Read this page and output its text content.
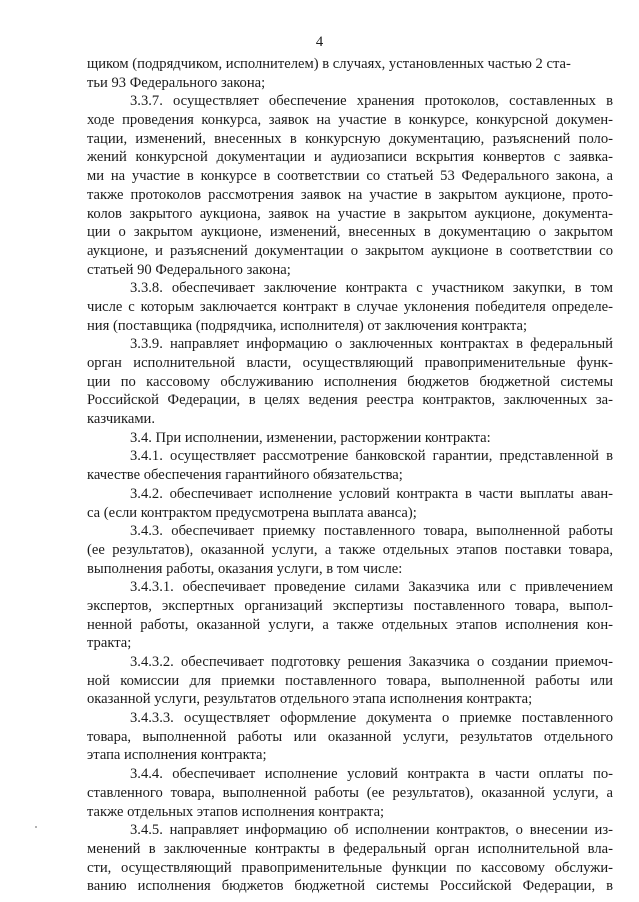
4
щиком (подрядчиком, исполнителем) в случаях, установленных частью 2 ста-
тьи 93 Федерального закона;
3.3.7. осуществляет обеспечение хранения протоколов, составленных в
ходе проведения конкурса, заявок на участие в конкурсе, конкурсной докумен-
тации, изменений, внесенных в конкурсную документацию, разъяснений поло-
жений конкурсной документации и аудиозаписи вскрытия конвертов с заявка-
ми на участие в конкурсе в соответствии со статьей 53 Федерального закона, а
также протоколов рассмотрения заявок на участие в закрытом аукционе, прото-
колов закрытого аукциона, заявок на участие в закрытом аукционе, документа-
ции о закрытом аукционе, изменений, внесенных в документацию о закрытом
аукционе, и разъяснений документации о закрытом аукционе в соответствии со
статьей 90 Федерального закона;
3.3.8. обеспечивает заключение контракта с участником закупки, в том
числе с которым заключается контракт в случае уклонения победителя определе-
ния (поставщика (подрядчика, исполнителя) от заключения контракта;
3.3.9. направляет информацию о заключенных контрактах в федеральный
орган исполнительной власти, осуществляющий правоприменительные функ-
ции по кассовому обслуживанию исполнения бюджетов бюджетной системы
Российской Федерации, в целях ведения реестра контрактов, заключенных за-
казчиками.
3.4. При исполнении, изменении, расторжении контракта:
3.4.1. осуществляет рассмотрение банковской гарантии, представленной в
качестве обеспечения гарантийного обязательства;
3.4.2. обеспечивает исполнение условий контракта в части выплаты аван-
са (если контрактом предусмотрена выплата аванса);
3.4.3. обеспечивает приемку поставленного товара, выполненной работы
(ее результатов), оказанной услуги, а также отдельных этапов поставки товара,
выполнения работы, оказания услуги, в том числе:
3.4.3.1. обеспечивает проведение силами Заказчика или с привлечением
экспертов, экспертных организаций экспертизы поставленного товара, выпол-
ненной работы, оказанной услуги, а также отдельных этапов исполнения кон-
тракта;
3.4.3.2. обеспечивает подготовку решения Заказчика о создании приемоч-
ной комиссии для приемки поставленного товара, выполненной работы или
оказанной услуги, результатов отдельного этапа исполнения контракта;
3.4.3.3. осуществляет оформление документа о приемке поставленного
товара, выполненной работы или оказанной услуги, результатов отдельного
этапа исполнения контракта;
3.4.4. обеспечивает исполнение условий контракта в части оплаты по-
ставленного товара, выполненной работы (ее результатов), оказанной услуги, а
также отдельных этапов исполнения контракта;
3.4.5. направляет информацию об исполнении контрактов, о внесении из-
менений в заключенные контракты в федеральный орган исполнительной вла-
сти, осуществляющий правоприменительные функции по кассовому обслужи-
ванию исполнения бюджетов бюджетной системы Российской Федерации, в
